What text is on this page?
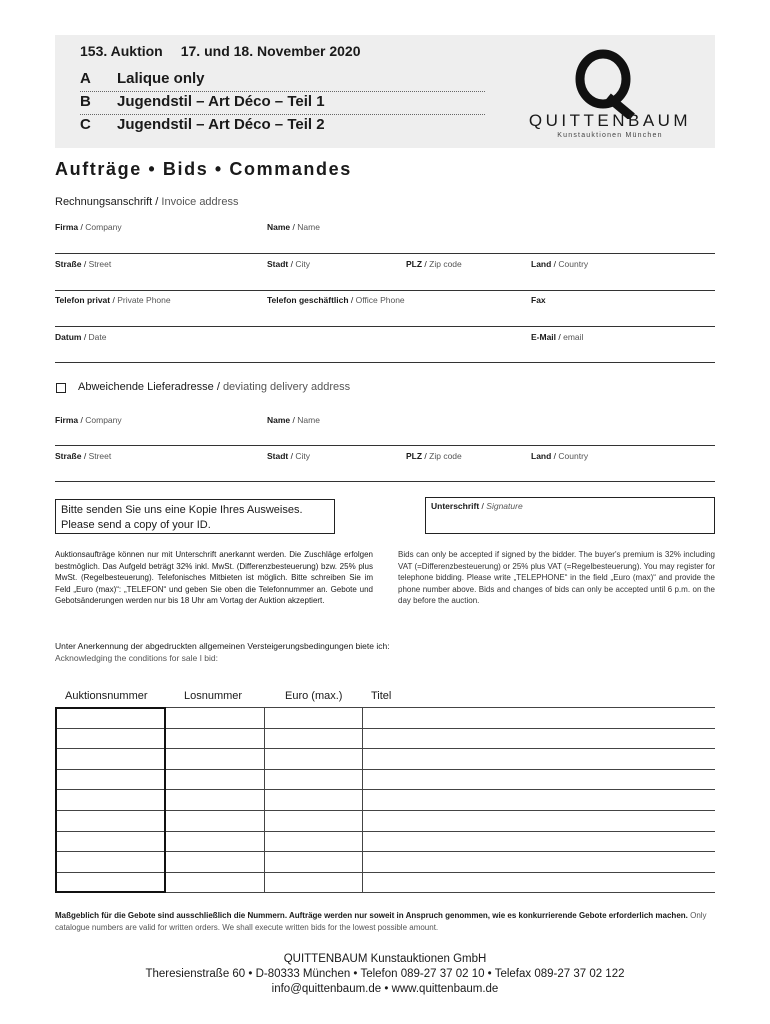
153. Auktion 17. und 18. November 2020
A Lalique only
B Jugendstil – Art Déco – Teil 1
C Jugendstil – Art Déco – Teil 2	QUITTENBAUM
Kunstauktionen München
Aufträge • Bids • Commandes
Rechnungsanschrift / Invoice address
Firma / Company	Name / Name
Straße / Street	Stadt / City	PLZ / Zip code	Land / Country
Telefon privat / Private Phone	Telefon geschäftlich / Office Phone	Fax
Datum / Date	E-Mail / email
Abweichende Lieferadresse / deviating delivery address
Firma / Company	Name / Name
Straße / Street	Stadt / City	PLZ / Zip code	Land / Country
Bitte senden Sie uns eine Kopie Ihres Ausweises.
Please send a copy of your ID.
Unterschrift / Signature
Auktionsaufträge können nur mit Unterschrift anerkannt werden. Die Zuschläge erfolgen bestmöglich. Das Aufgeld beträgt 32% inkl. MwSt. (Differenzbesteuerung) bzw. 25% plus MwSt. (Regelbesteuerung). Telefonisches Mitbieten ist möglich. Bitte schreiben Sie im Feld „Euro (max)“: „TELEFON“ und geben Sie oben die Telefonnummer an. Gebote und Gebotsänderungen werden nur bis 18 Uhr am Vortag der Auktion akzeptiert.
Bids can only be accepted if signed by the bidder. The buyer's premium is 32% including VAT (=Differenzbesteuerung) or 25% plus VAT (=Regelbesteuerung). You may register for telephone bidding. Please write „TELEPHONE“ in the field „Euro (max)“ and provide the phone number above. Bids and changes of bids can only be accepted until 6 p.m. on the day before the auction.
Unter Anerkennung der abgedruckten allgemeinen Versteigerungsbedingungen biete ich:
Acknowledging the conditions for sale I bid:
Auktionsnummer	Losnummer	Euro (max.)	Titel
Maßgeblich für die Gebote sind ausschließlich die Nummern. Aufträge werden nur soweit in Anspruch genommen, wie es konkurrierende Gebote erforderlich machen. Only catalogue numbers are valid for written orders. We shall execute written bids for the lowest possible amount.
QUITTENBAUM Kunstauktionen GmbH
Theresienstraße 60 • D-80333 München • Telefon 089-27 37 02 10 • Telefax 089-27 37 02 122
info@quittenbaum.de • www.quittenbaum.de
